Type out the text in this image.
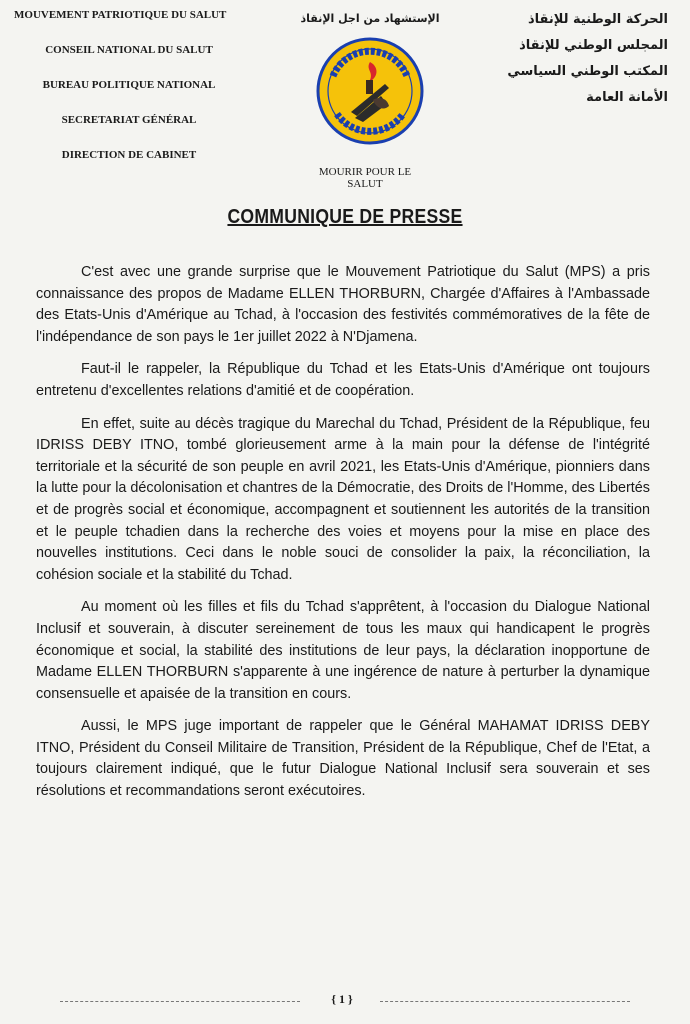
MOUVEMENT PATRIOTIQUE DU SALUT
CONSEIL NATIONAL DU SALUT
BUREAU POLITIQUE NATIONAL
SECRETARIAT GÉNÉRAL
DIRECTION DE CABINET
الإستشهاد من اجل الإنقاذ	الحركة الوطنية للإنقاذ
المجلس الوطني للإنقاذ
المكتب الوطني السياسي
الأمانة العامة
MOURIR POUR LE SALUT
COMMUNIQUE DE PRESSE

C'est avec une grande surprise que le Mouvement Patriotique du Salut (MPS) a pris connaissance des propos de Madame ELLEN THORBURN, Chargée d'Affaires à l'Ambassade des Etats-Unis d'Amérique au Tchad, à l'occasion des festivités commémoratives de la fête de l'indépendance de son pays le 1er juillet 2022 à N'Djamena.

Faut-il le rappeler, la République du Tchad et les Etats-Unis d'Amérique ont toujours entretenu d'excellentes relations d'amitié et de coopération.

En effet, suite au décès tragique du Marechal du Tchad, Président de la République, feu IDRISS DEBY ITNO, tombé glorieusement arme à la main pour la défense de l'intégrité territoriale et la sécurité de son peuple en avril 2021, les Etats-Unis d'Amérique, pionniers dans la lutte pour la décolonisation et chantres de la Démocratie, des Droits de l'Homme, des Libertés et de progrès social et économique, accompagnent et soutiennent les autorités de la transition et le peuple tchadien dans la recherche des voies et moyens pour la mise en place des nouvelles institutions. Ceci dans le noble souci de consolider la paix, la réconciliation, la cohésion sociale et la stabilité du Tchad.

Au moment où les filles et fils du Tchad s'apprêtent, à l'occasion du Dialogue National Inclusif et souverain, à discuter sereinement de tous les maux qui handicapent le progrès économique et social, la stabilité des institutions de leur pays, la déclaration inopportune de Madame ELLEN THORBURN s'apparente à une ingérence de nature à perturber la dynamique consensuelle et apaisée de la transition en cours.

Aussi, le MPS juge important de rappeler que le Général MAHAMAT IDRISS DEBY ITNO, Président du Conseil Militaire de Transition, Président de la République, Chef de l'Etat, a toujours clairement indiqué, que le futur Dialogue National Inclusif sera souverain et ses résolutions et recommandations seront exécutoires.

{ 1 }
